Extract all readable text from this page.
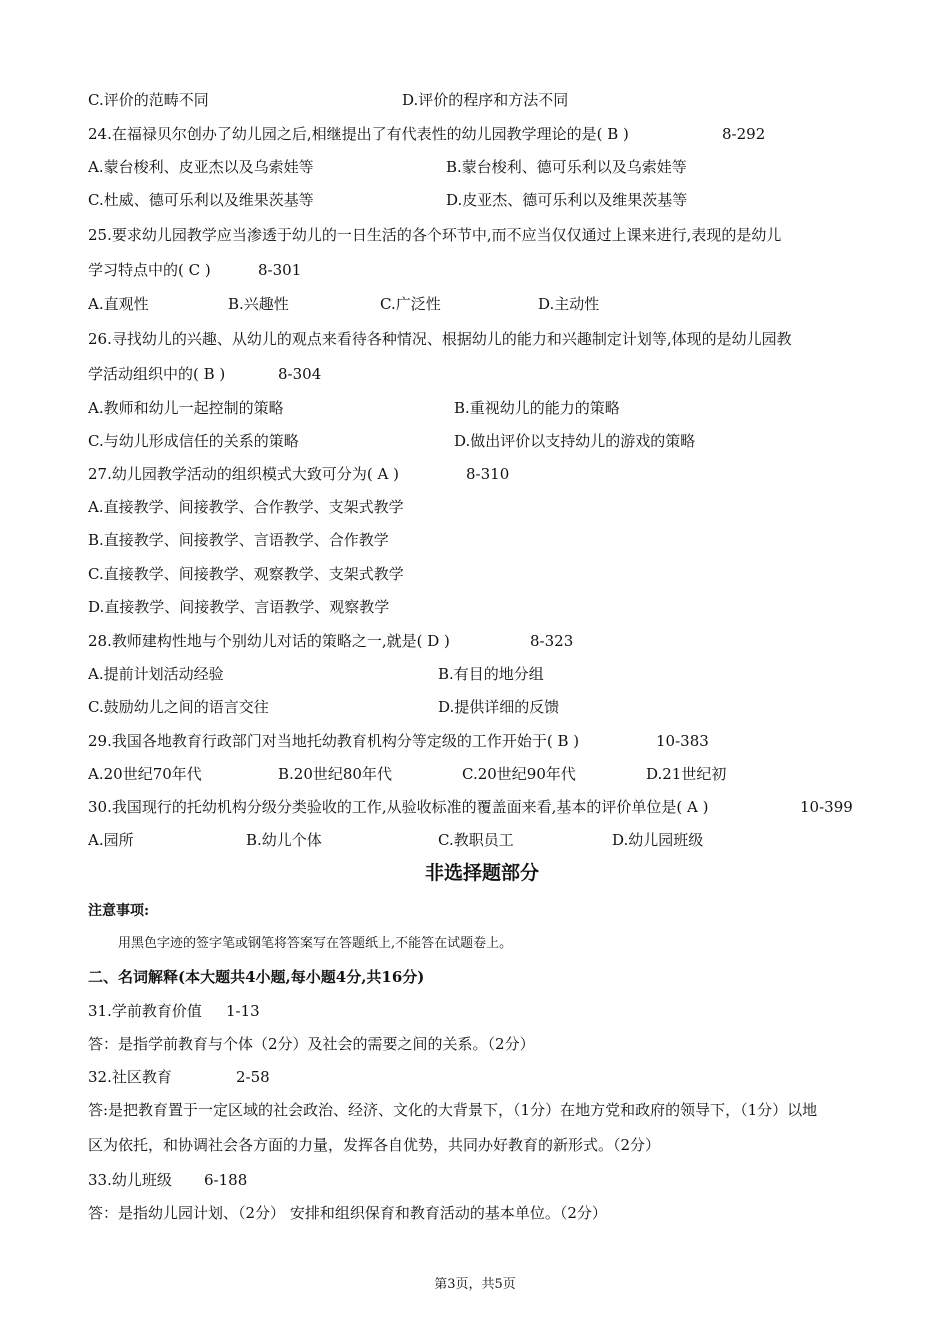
C.评价的范畴不同	D.评价的程序和方法不同
24.在福禄贝尔创办了幼儿园之后,相继提出了有代表性的幼儿园教学理论的是( B )	8-292
A.蒙台梭利、皮亚杰以及乌索娃等	B.蒙台梭利、德可乐利以及乌索娃等
C.杜威、德可乐利以及维果茨基等	D.皮亚杰、德可乐利以及维果茨基等
25.要求幼儿园教学应当渗透于幼儿的一日生活的各个环节中,而不应当仅仅通过上课来进行,表现的是幼儿
学习特点中的( C )	8-301
A.直观性	B.兴趣性	C.广泛性	D.主动性
26.寻找幼儿的兴趣、从幼儿的观点来看待各种情况、根据幼儿的能力和兴趣制定计划等,体现的是幼儿园教
学活动组织中的( B )	8-304
A.教师和幼儿一起控制的策略	B.重视幼儿的能力的策略
C.与幼儿形成信任的关系的策略	D.做出评价以支持幼儿的游戏的策略
27.幼儿园教学活动的组织模式大致可分为( A )	8-310
A.直接教学、间接教学、合作教学、支架式教学
B.直接教学、间接教学、言语教学、合作教学
C.直接教学、间接教学、观察教学、支架式教学
D.直接教学、间接教学、言语教学、观察教学
28.教师建构性地与个别幼儿对话的策略之一,就是( D )	8-323
A.提前计划活动经验	B.有目的地分组
C.鼓励幼儿之间的语言交往	D.提供详细的反馈
29.我国各地教育行政部门对当地托幼教育机构分等定级的工作开始于( B )	10-383
A.20世纪70年代	B.20世纪80年代	C.20世纪90年代	D.21世纪初
30.我国现行的托幼机构分级分类验收的工作,从验收标准的覆盖面来看,基本的评价单位是( A )	10-399
A.园所	B.幼儿个体	C.教职员工	D.幼儿园班级
非选择题部分
注意事项:
用黑色字迹的签字笔或钢笔将答案写在答题纸上,不能答在试题卷上。
二、名词解释(本大题共4小题,每小题4分,共16分)
31.学前教育价值 1-13
答：是指学前教育与个体（2分）及社会的需要之间的关系。（2分）
32.社区教育	2-58
答:是把教育置于一定区域的社会政治、经济、文化的大背景下，（1分）在地方党和政府的领导下，（1分）以地
区为依托，和协调社会各方面的力量，发挥各自优势，共同办好教育的新形式。（2分）
33.幼儿班级 6-188
答：是指幼儿园计划、（2分） 安排和组织保育和教育活动的基本单位。（2分）
第3页，共5页
